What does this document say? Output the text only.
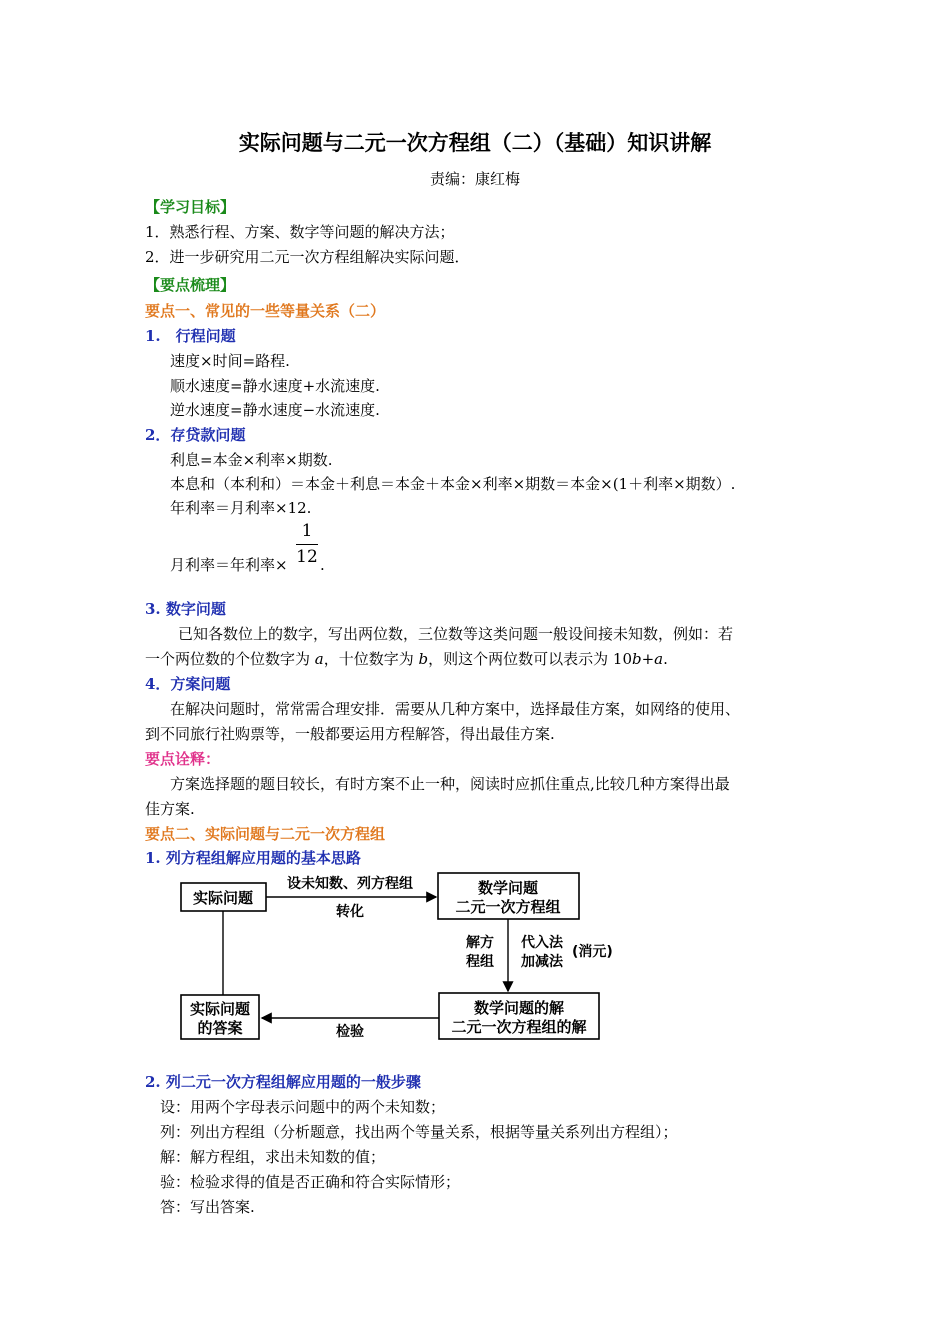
实际问题与二元一次方程组（二）（基础）知识讲解
责编：康红梅
【学习目标】
1．熟悉行程、方案、数字等问题的解决方法；
2．进一步研究用二元一次方程组解决实际问题．
【要点梳理】
要点一、常见的一些等量关系（二）
1.　行程问题
速度×时间=路程.
顺水速度=静水速度+水流速度.
逆水速度=静水速度−水流速度.
2．存贷款问题
利息=本金×利率×期数.
本息和（本利和）＝本金＋利息＝本金＋本金×利率×期数＝本金×(1＋利率×期数）.
年利率＝月利率×12.
月利率＝年利率×
1
12 .
3. 数字问题
已知各数位上的数字，写出两位数，三位数等这类问题一般设间接未知数，例如：若
一个两位数的个位数字为 a，十位数字为 b，则这个两位数可以表示为 10b+a.
4．方案问题
在解决问题时，常常需合理安排．需要从几种方案中，选择最佳方案，如网络的使用、
到不同旅行社购票等，一般都要运用方程解答，得出最佳方案.
要点诠释：
方案选择题的题目较长，有时方案不止一种，阅读时应抓住重点,比较几种方案得出最
佳方案.
要点二、实际问题与二元一次方程组
1. 列方程组解应用题的基本思路
实际问题
数学问题
二元一次方程组
实际问题
的答案
数学问题的解
二元一次方程组的解
设未知数、列方程组
转化
解方
程组
代入法
加减法
(消元)
检验
2. 列二元一次方程组解应用题的一般步骤
设：用两个字母表示问题中的两个未知数；
列：列出方程组（分析题意，找出两个等量关系，根据等量关系列出方程组）；
解：解方程组，求出未知数的值；
验：检验求得的值是否正确和符合实际情形；
答：写出答案.
